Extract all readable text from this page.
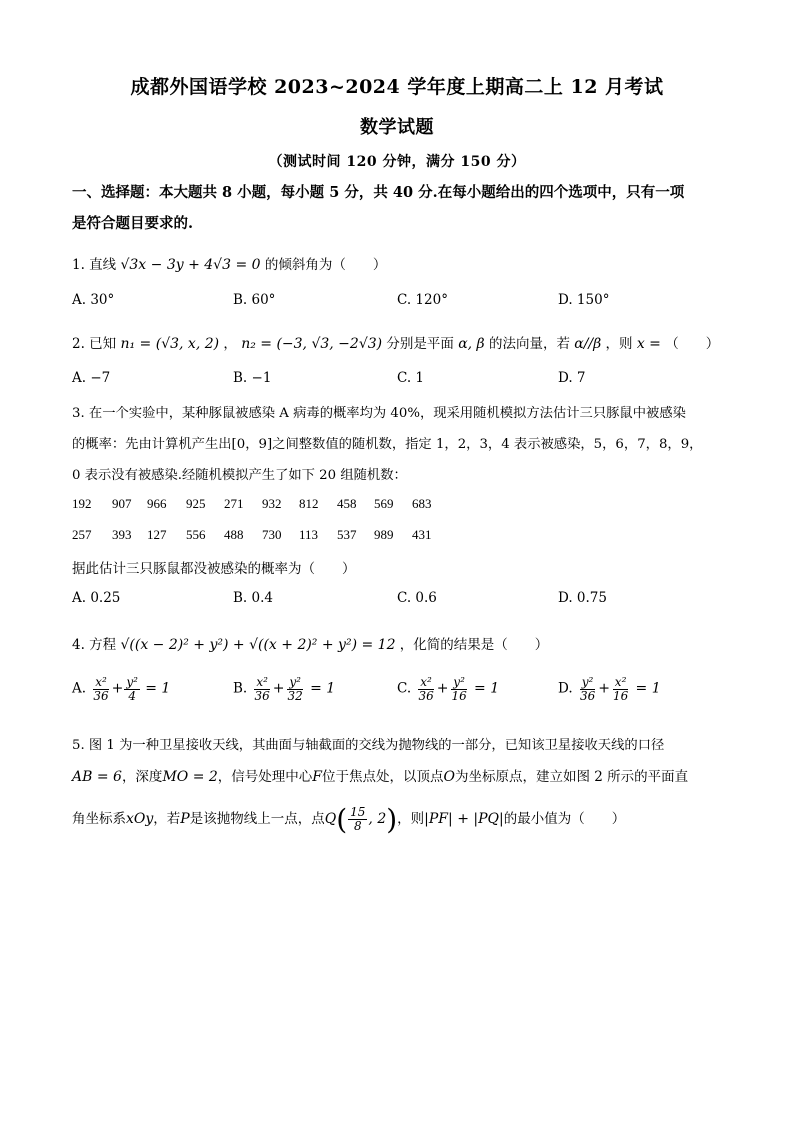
成都外国语学校 2023~2024 学年度上期高二上 12 月考试
数学试题
（测试时间 120 分钟，满分 150 分）
一、选择题：本大题共 8 小题，每小题 5 分，共 40 分.在每小题给出的四个选项中，只有一项
是符合题目要求的.
1. 直线 √3x − 3y + 4√3 = 0 的倾斜角为（　　）
A. 30°	B. 60°	C. 120°	D. 150°
2. 已知 n₁ = (√3, x, 2) ， n₂ = (−3, √3, −2√3) 分别是平面 α, β 的法向量，若 α//β ，则 x = （　　）
A. −7	B. −1	C. 1	D. 7
3. 在一个实验中，某种豚鼠被感染 A 病毒的概率均为 40%，现采用随机模拟方法估计三只豚鼠中被感染
的概率：先由计算机产生出[0，9]之间整数值的随机数，指定 1，2，3，4 表示被感染，5，6，7，8，9，
0 表示没有被感染.经随机模拟产生了如下 20 组随机数：
192 907 966 925 271 932 812 458 569 683
257 393 127 556 488 730 113 537 989 431
据此估计三只豚鼠都没被感染的概率为（　　）
A. 0.25	B. 0.4	C. 0.6	D. 0.75
4. 方程 √((x − 2)² + y²) + √((x + 2)² + y²) = 12 ，化简的结果是（　　）
A. $\frac{\text{x²}}{36} + \frac{\text{y²}}{4} = 1$	B. $\frac{\text{x²}}{36} + \frac{\text{y²}}{32} = 1$	C. $\frac{\text{x²}}{36} + \frac{\text{y²}}{16} = 1$	D. $\frac{\text{y²}}{36} + \frac{\text{x²}}{16} = 1$
5. 图 1 为一种卫星接收天线，其曲面与轴截面的交线为抛物线的一部分，已知该卫星接收天线的口径
AB = 6，深度MO = 2，信号处理中心F位于焦点处，以顶点O为坐标原点，建立如图 2 所示的平面直
角坐标系xOy，若P是该抛物线上一点，点$Q( \frac{15}{8}$ , 2)，则|PF| + |PQ|的最小值为（　　）
